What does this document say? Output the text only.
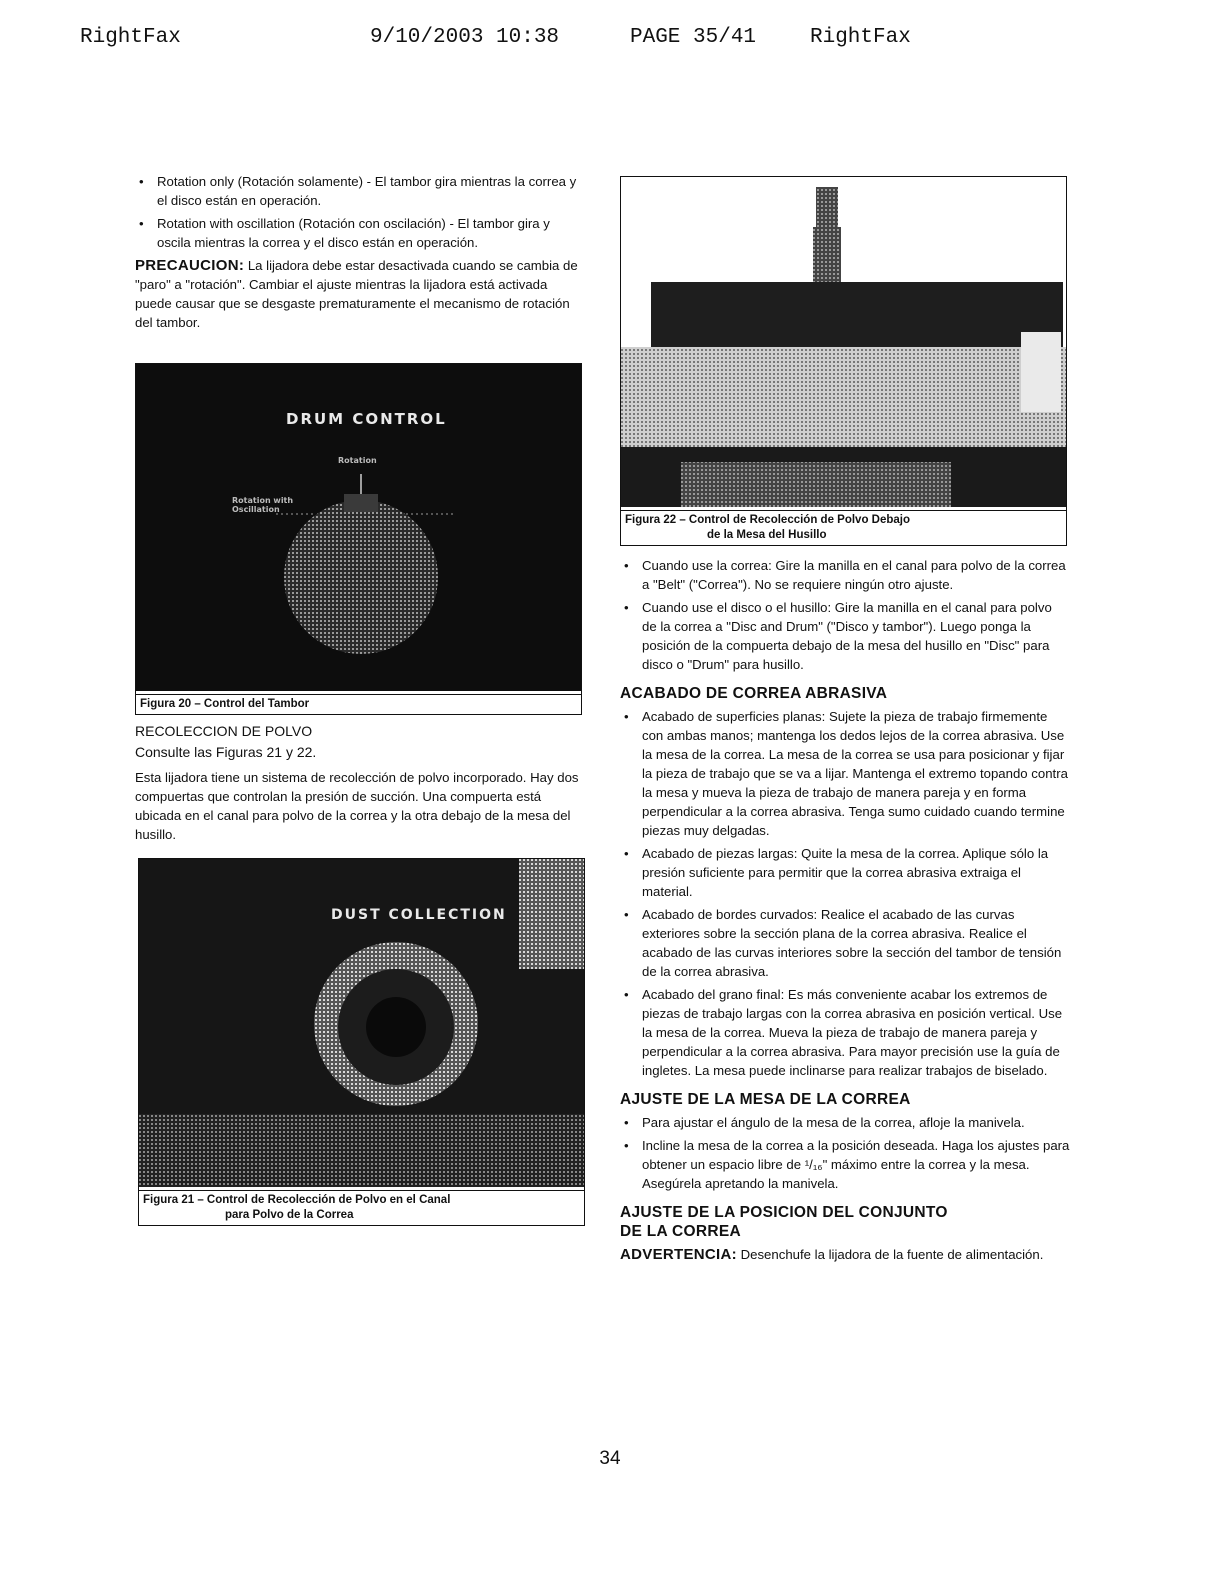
RightFax	9/10/2003 10:38	PAGE 35/41	RightFax
• Rotation only (Rotación solamente) - El tambor gira mientras la correa y el disco están en operación.
• Rotation with oscillation (Rotación con oscilación) - El tambor gira y oscila mientras la correa y el disco están en operación.

PRECAUCION: La lijadora debe estar desactivada cuando se cambia de "paro" a "rotación". Cambiar el ajuste mientras la lijadora está activada puede causar que se desgaste prematuramente el mecanismo de rotación del tambor.

DRUM CONTROL
Rotation
Rotation with Oscillation
Figura 20 – Control del Tambor
RECOLECCION DE POLVO

Consulte las Figuras 21 y 22.

Esta lijadora tiene un sistema de recolección de polvo incorporado. Hay dos compuertas que controlan la presión de succión. Una compuerta está ubicada en el canal para polvo de la correa y la otra debajo de la mesa del husillo.

DUST COLLECTION
Figura 21 – Control de Recolección de Polvo en el Canal
para Polvo de la Correa
Figura 22 – Control de Recolección de Polvo Debajo
de la Mesa del Husillo
• Cuando use la correa: Gire la manilla en el canal para polvo de la correa a "Belt" ("Correa"). No se requiere ningún otro ajuste.
• Cuando use el disco o el husillo: Gire la manilla en el canal para polvo de la correa a "Disc and Drum" ("Disco y tambor"). Luego ponga la posición de la compuerta debajo de la mesa del husillo en "Disc" para disco o "Drum" para husillo.
ACABADO DE CORREA ABRASIVA
• Acabado de superficies planas: Sujete la pieza de trabajo firmemente con ambas manos; mantenga los dedos lejos de la correa abrasiva. Use la mesa de la correa. La mesa de la correa se usa para posicionar y fijar la pieza de trabajo que se va a lijar. Mantenga el extremo topando contra la mesa y mueva la pieza de trabajo de manera pareja y en forma perpendicular a la correa abrasiva. Tenga sumo cuidado cuando termine piezas muy delgadas.
• Acabado de piezas largas: Quite la mesa de la correa. Aplique sólo la presión suficiente para permitir que la correa abrasiva extraiga el material.
• Acabado de bordes curvados: Realice el acabado de las curvas exteriores sobre la sección plana de la correa abrasiva. Realice el acabado de las curvas interiores sobre la sección del tambor de tensión de la correa abrasiva.
• Acabado del grano final: Es más conveniente acabar los extremos de piezas de trabajo largas con la correa abrasiva en posición vertical. Use la mesa de la correa. Mueva la pieza de trabajo de manera pareja y perpendicular a la correa abrasiva. Para mayor precisión use la guía de ingletes. La mesa puede inclinarse para realizar trabajos de biselado.
AJUSTE DE LA MESA DE LA CORREA
• Para ajustar el ángulo de la mesa de la correa, afloje la manivela.
• Incline la mesa de la correa a la posición deseada. Haga los ajustes para obtener un espacio libre de ¹/₁₆" máximo entre la correa y la mesa. Asegúrela apretando la manivela.
AJUSTE DE LA POSICION DEL CONJUNTO
DE LA CORREA

ADVERTENCIA: Desenchufe la lijadora de la fuente de alimentación.

34
